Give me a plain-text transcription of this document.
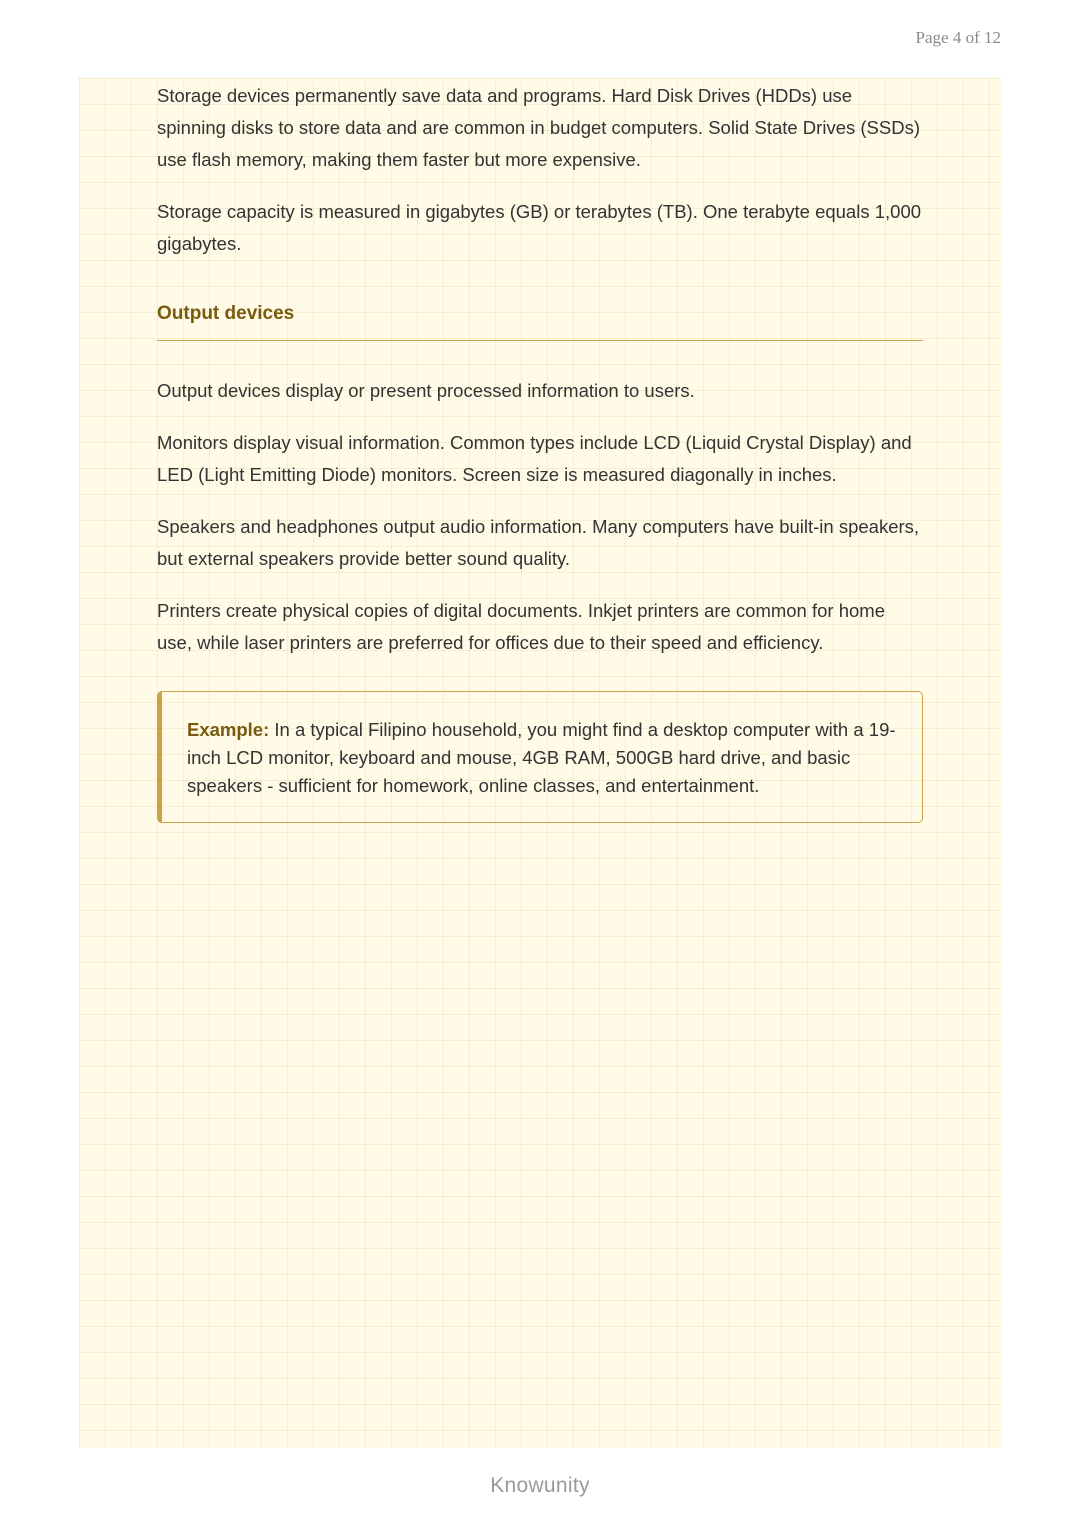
Page 4 of 12

Storage devices permanently save data and programs. Hard Disk Drives (HDDs) use spinning disks to store data and are common in budget computers. Solid State Drives (SSDs) use flash memory, making them faster but more expensive.

Storage capacity is measured in gigabytes (GB) or terabytes (TB). One terabyte equals 1,000 gigabytes.

Output devices

Output devices display or present processed information to users.

Monitors display visual information. Common types include LCD (Liquid Crystal Display) and LED (Light Emitting Diode) monitors. Screen size is measured diagonally in inches.

Speakers and headphones output audio information. Many computers have built-in speakers, but external speakers provide better sound quality.

Printers create physical copies of digital documents. Inkjet printers are common for home use, while laser printers are preferred for offices due to their speed and efficiency.

Example: In a typical Filipino household, you might find a desktop computer with a 19-inch LCD monitor, keyboard and mouse, 4GB RAM, 500GB hard drive, and basic speakers - sufficient for homework, online classes, and entertainment.
Knowunity
